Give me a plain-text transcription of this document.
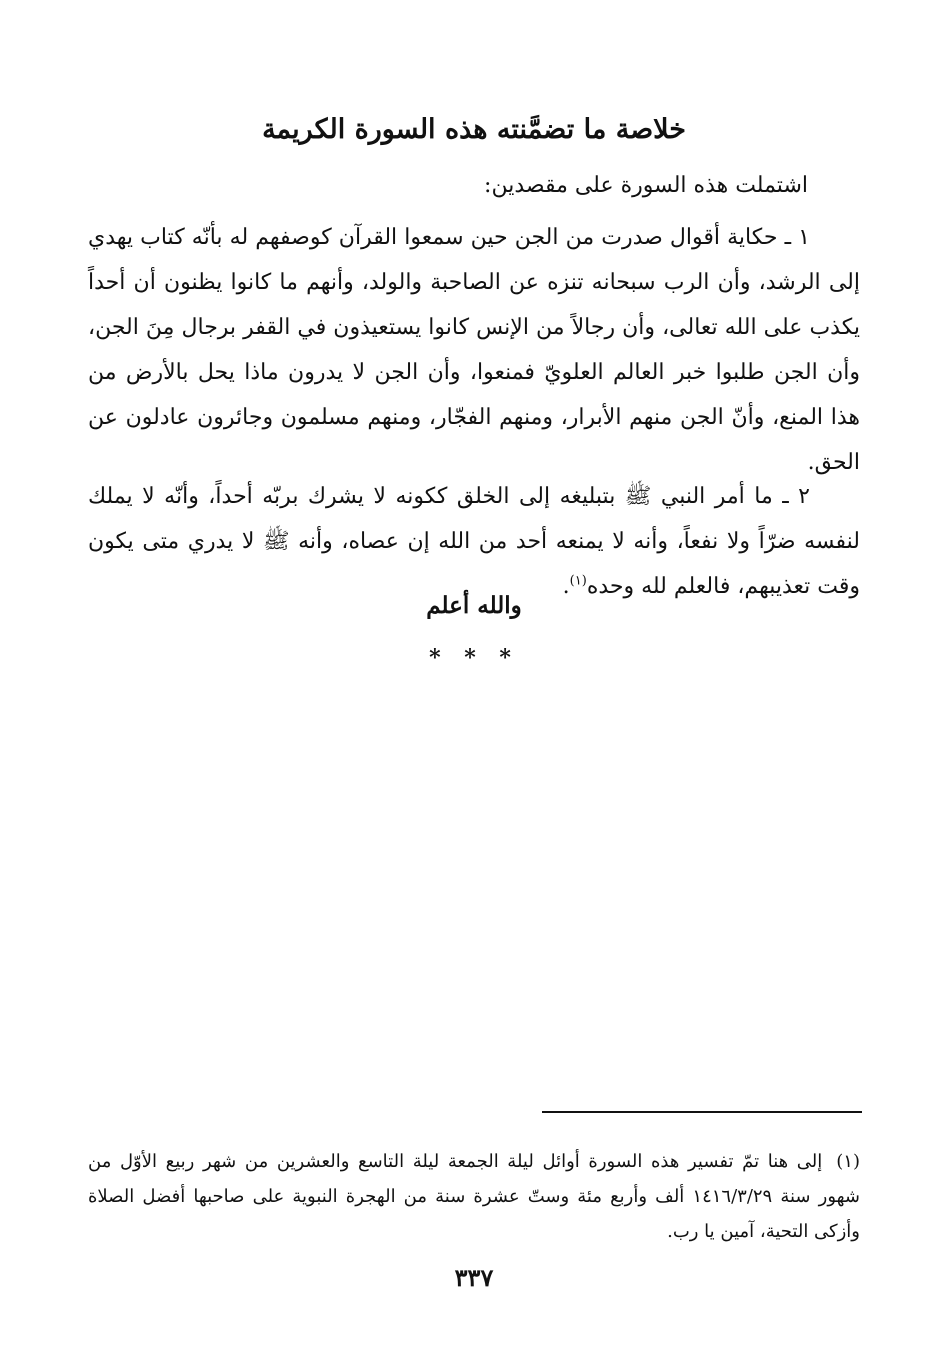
خلاصة ما تضمَّنته هذه السورة الكريمة

اشتملت هذه السورة على مقصدين:

١ ـ حكاية أقوال صدرت من الجن حين سمعوا القرآن كوصفهم له بأنّه كتاب يهدي إلى الرشد، وأن الرب سبحانه تنزه عن الصاحبة والولد، وأنهم ما كانوا يظنون أن أحداً يكذب على الله تعالى، وأن رجالاً من الإنس كانوا يستعيذون في القفر برجال مِنَ الجن، وأن الجن طلبوا خبر العالم العلويّ فمنعوا، وأن الجن لا يدرون ماذا يحل بالأرض من هذا المنع، وأنّ الجن منهم الأبرار، ومنهم الفجّار، ومنهم مسلمون وجائرون عادلون عن الحق.

٢ ـ ما أمر النبي ﷺ بتبليغه إلى الخلق ككونه لا يشرك بربّه أحداً، وأنّه لا يملك لنفسه ضرّاً ولا نفعاً، وأنه لا يمنعه أحد من الله إن عصاه، وأنه ﷺ لا يدري متى يكون وقت تعذيبهم، فالعلم لله وحده$^{(١)}$.

والله أعلم
* * *

(١)إلى هنا تمّ تفسير هذه السورة أوائل ليلة الجمعة ليلة التاسع والعشرين من شهر ربيع الأوّل من شهور سنة ١٤١٦/٣/٢٩ ألف وأربع مئة وستّ عشرة سنة من الهجرة النبوية على صاحبها أفضل الصلاة وأزكى التحية، آمين يا رب.

٣٣٧
